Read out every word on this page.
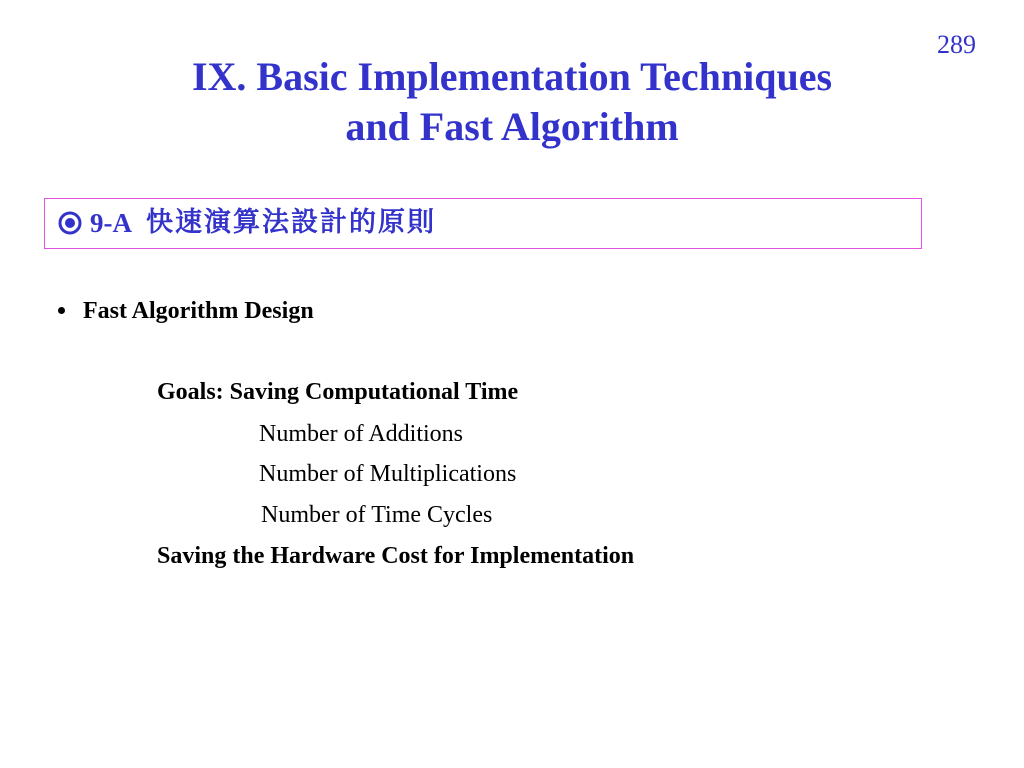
289
IX. Basic Implementation Techniques
and Fast Algorithm
9-A 快速演算法設計的原則
Fast Algorithm Design
Goals: Saving Computational Time
Number of Additions
Number of Multiplications
Number of Time Cycles
Saving the Hardware Cost for Implementation
